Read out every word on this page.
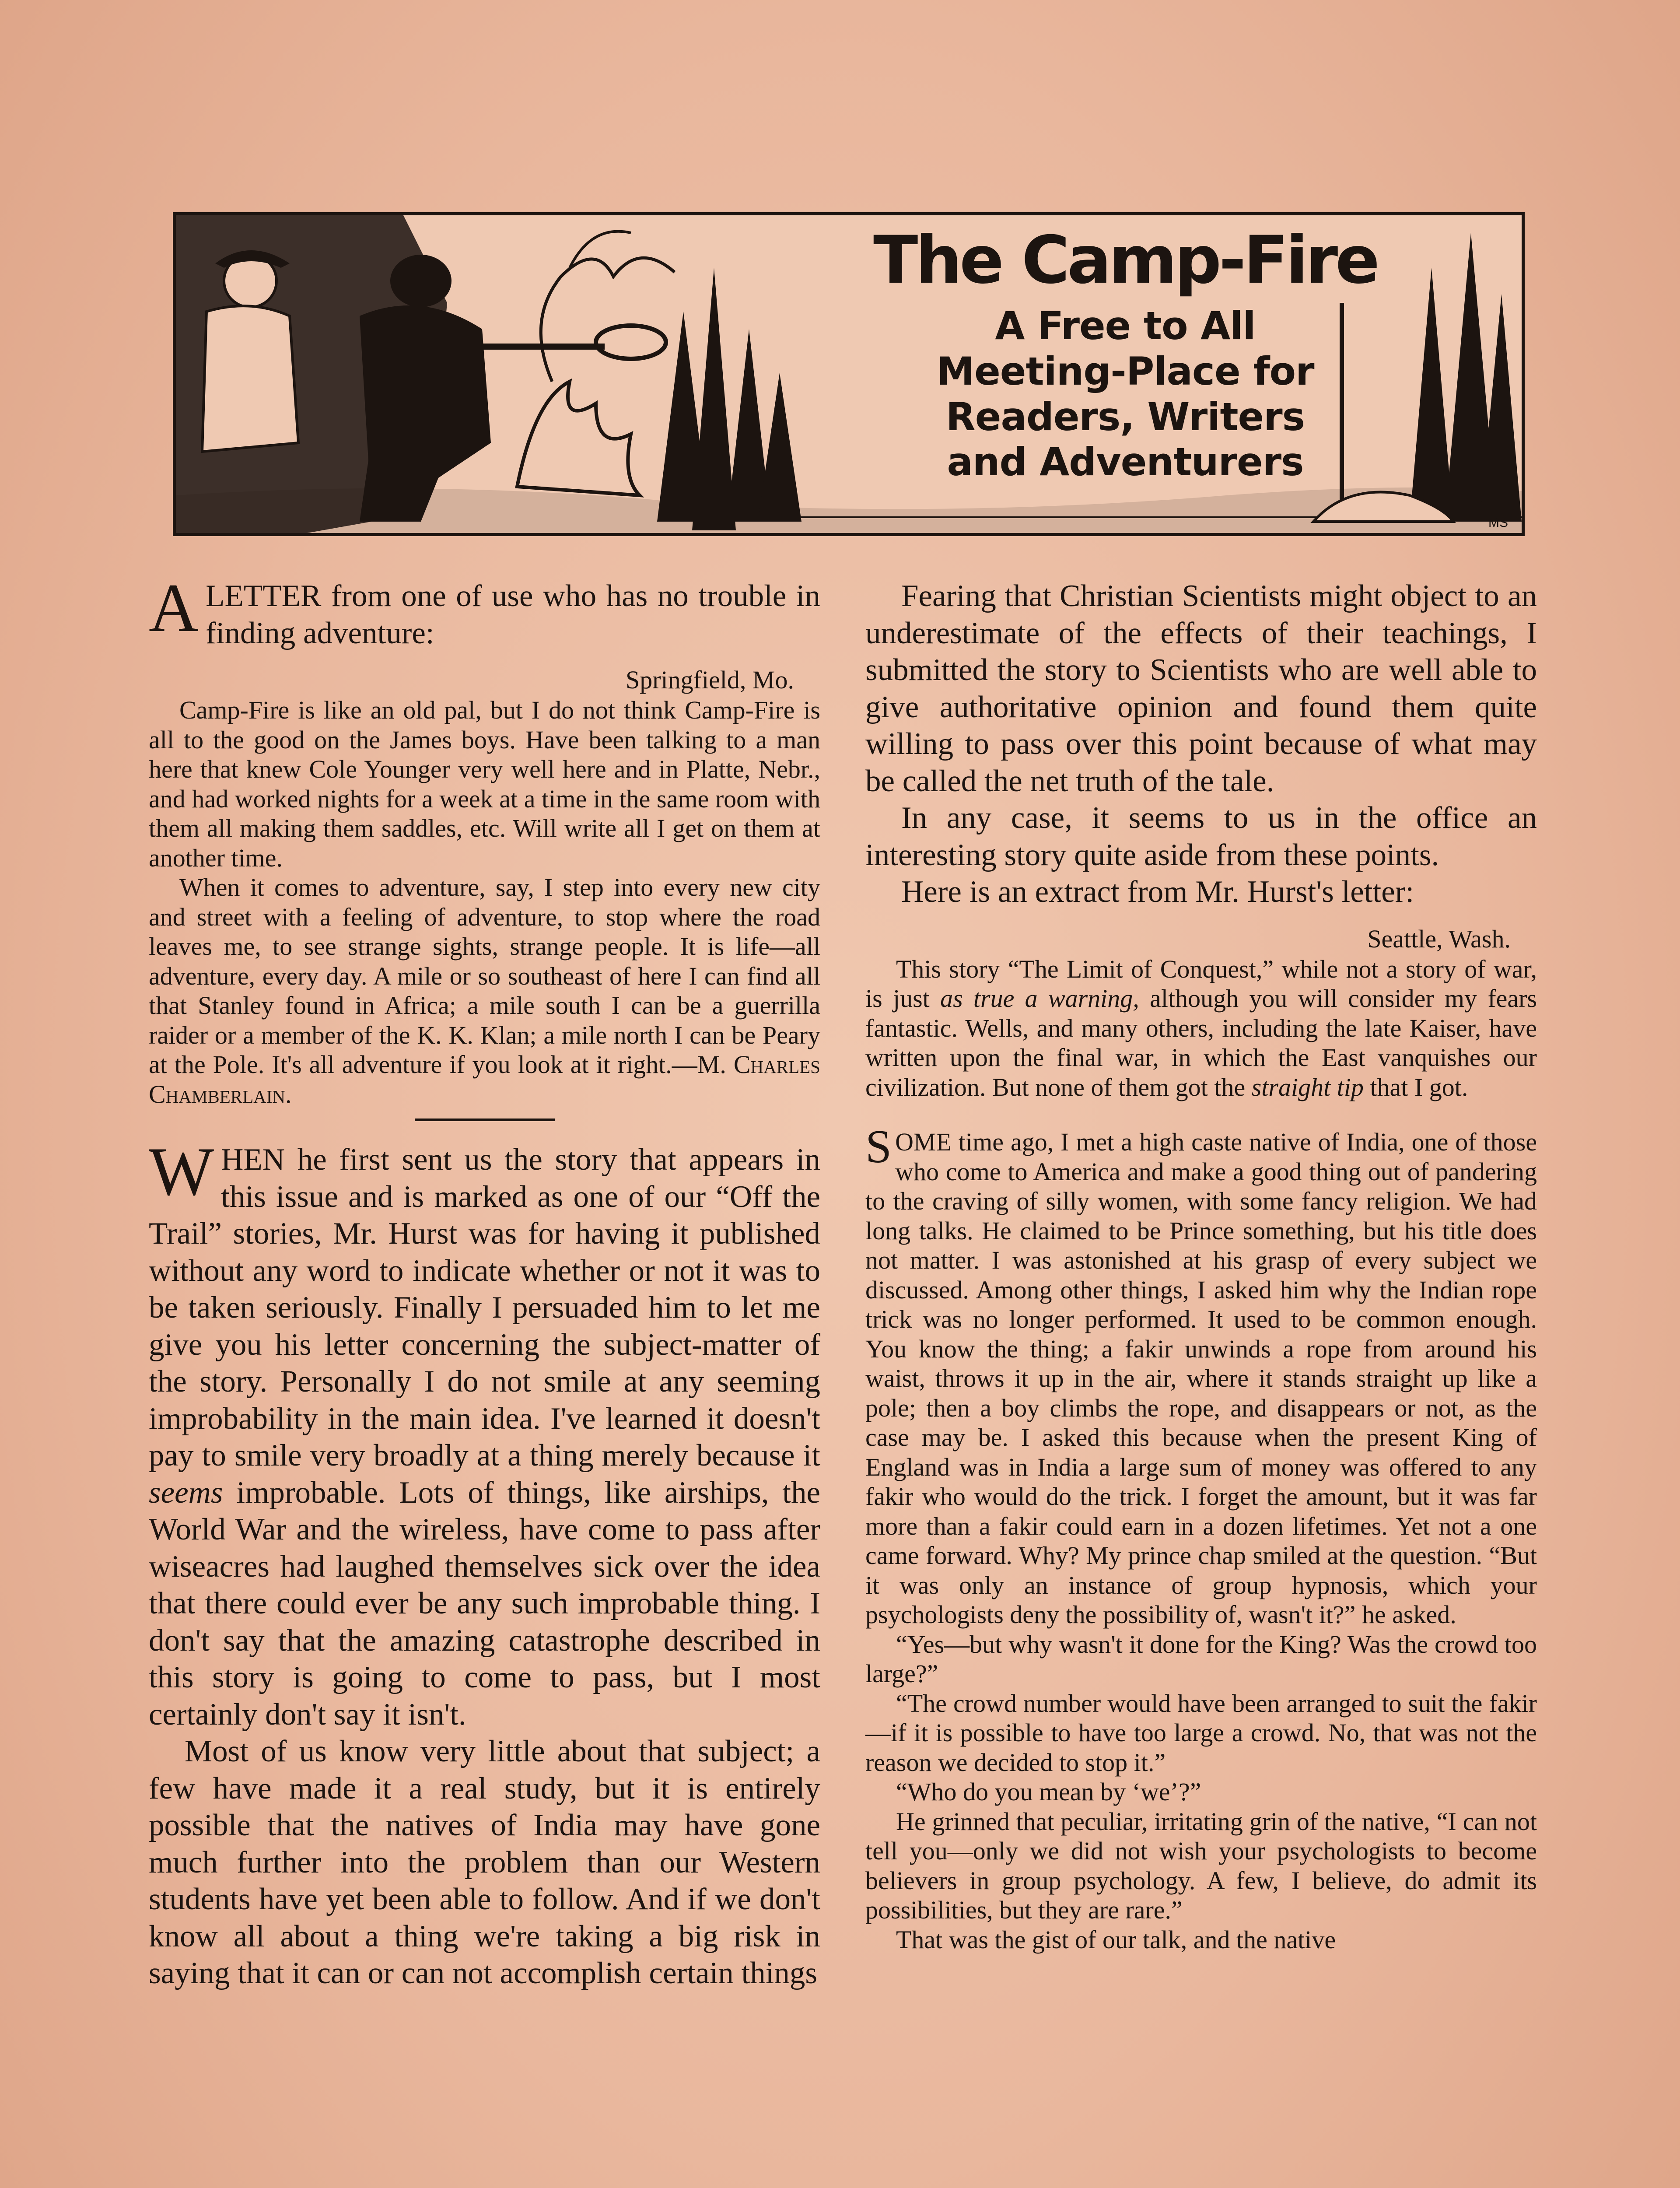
MS
The Camp-Fire
A Free to All
Meeting-Place for
Readers, Writers
and Adventurers

ALETTER from one of use who has no trouble in finding adventure:

Springfield, Mo.

Camp-Fire is like an old pal, but I do not think Camp-Fire is all to the good on the James boys. Have been talking to a man here that knew Cole Younger very well here and in Platte, Nebr., and had worked nights for a week at a time in the same room with them all making them saddles, etc. Will write all I get on them at another time.

When it comes to adventure, say, I step into every new city and street with a feeling of adventure, to stop where the road leaves me, to see strange sights, strange people. It is life—all adventure, every day. A mile or so southeast of here I can find all that Stanley found in Africa; a mile south I can be a guerrilla raider or a member of the K. K. Klan; a mile north I can be Peary at the Pole. It's all adventure if you look at it right.—M. Charles Chamberlain.

WHEN he first sent us the story that appears in this issue and is marked as one of our “Off the Trail” stories, Mr. Hurst was for having it published without any word to indicate whether or not it was to be taken seriously. Finally I persuaded him to let me give you his letter concerning the subject-matter of the story. Personally I do not smile at any seeming improbability in the main idea. I've learned it doesn't pay to smile very broadly at a thing merely because it seems improbable. Lots of things, like airships, the World War and the wireless, have come to pass after wiseacres had laughed themselves sick over the idea that there could ever be any such improbable thing. I don't say that the amazing catastrophe described in this story is going to come to pass, but I most certainly don't say it isn't.

Most of us know very little about that subject; a few have made it a real study, but it is entirely possible that the natives of India may have gone much further into the problem than our Western students have yet been able to follow. And if we don't know all about a thing we're taking a big risk in saying that it can or can not accomplish certain things

Fearing that Christian Scientists might object to an underestimate of the effects of their teachings, I submitted the story to Scientists who are well able to give authoritative opinion and found them quite willing to pass over this point because of what may be called the net truth of the tale.

In any case, it seems to us in the office an interesting story quite aside from these points.

Here is an extract from Mr. Hurst's letter:

Seattle, Wash.

This story “The Limit of Conquest,” while not a story of war, is just as true a warning, although you will consider my fears fantastic. Wells, and many others, including the late Kaiser, have written upon the final war, in which the East vanquishes our civilization. But none of them got the straight tip that I got.

SOME time ago, I met a high caste native of India, one of those who come to America and make a good thing out of pandering to the craving of silly women, with some fancy religion. We had long talks. He claimed to be Prince something, but his title does not matter. I was astonished at his grasp of every subject we discussed. Among other things, I asked him why the Indian rope trick was no longer performed. It used to be common enough. You know the thing; a fakir unwinds a rope from around his waist, throws it up in the air, where it stands straight up like a pole; then a boy climbs the rope, and disappears or not, as the case may be. I asked this because when the present King of England was in India a large sum of money was offered to any fakir who would do the trick. I forget the amount, but it was far more than a fakir could earn in a dozen lifetimes. Yet not a one came forward. Why? My prince chap smiled at the question. “But it was only an instance of group hypnosis, which your psychologists deny the possibility of, wasn't it?” he asked.

“Yes—but why wasn't it done for the King? Was the crowd too large?”

“The crowd number would have been arranged to suit the fakir—if it is possible to have too large a crowd. No, that was not the reason we decided to stop it.”

“Who do you mean by ‘we’?”

He grinned that peculiar, irritating grin of the native, “I can not tell you—only we did not wish your psychologists to become believers in group psychology. A few, I believe, do admit its possibilities, but they are rare.”

That was the gist of our talk, and the native
